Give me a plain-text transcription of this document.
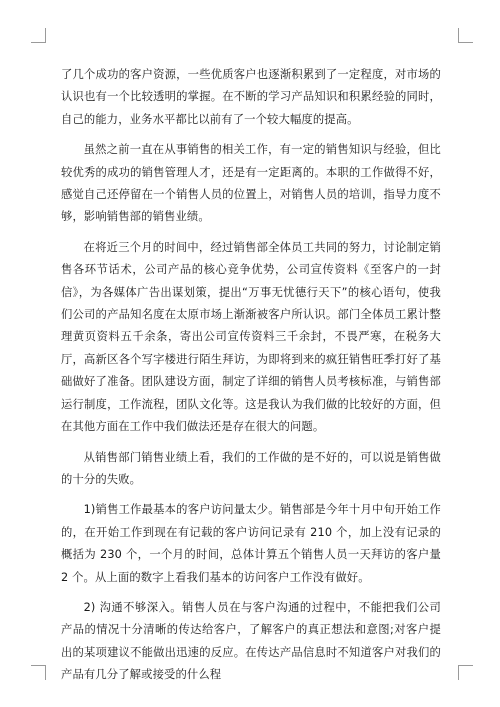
了几个成功的客户资源，一些优质客户也逐渐积累到了一定程度，对市场的认识也有一个比较透明的掌握。在不断的学习产品知识和积累经验的同时，自己的能力，业务水平都比以前有了一个较大幅度的提高。

虽然之前一直在从事销售的相关工作，有一定的销售知识与经验，但比较优秀的成功的销售管理人才，还是有一定距离的。本职的工作做得不好，感觉自己还停留在一个销售人员的位置上，对销售人员的培训，指导力度不够，影响销售部的销售业绩。

在将近三个月的时间中，经过销售部全体员工共同的努力，讨论制定销售各环节话术，公司产品的核心竞争优势，公司宣传资料《至客户的一封信》，为各媒体广告出谋划策，提出“万事无忧德行天下”的核心语句，使我们公司的产品知名度在太原市场上渐渐被客户所认识。部门全体员工累计整理黄页资料五千余条，寄出公司宣传资料三千余封，不畏严寒，在税务大厅，高新区各个写字楼进行陌生拜访，为即将到来的疯狂销售旺季打好了基础做好了准备。团队建设方面，制定了详细的销售人员考核标准，与销售部运行制度，工作流程，团队文化等。这是我认为我们做的比较好的方面，但在其他方面在工作中我们做法还是存在很大的问题。

从销售部门销售业绩上看，我们的工作做的是不好的，可以说是销售做的十分的失败。

1)销售工作最基本的客户访问量太少。销售部是今年十月中旬开始工作的，在开始工作到现在有记载的客户访问记录有 210 个，加上没有记录的概括为 230 个，一个月的时间，总体计算五个销售人员一天拜访的客户量 2 个。从上面的数字上看我们基本的访问客户工作没有做好。

2) 沟通不够深入。销售人员在与客户沟通的过程中，不能把我们公司产品的情况十分清晰的传达给客户，了解客户的真正想法和意图;对客户提出的某项建议不能做出迅速的反应。在传达产品信息时不知道客户对我们的产品有几分了解或接受的什么程
